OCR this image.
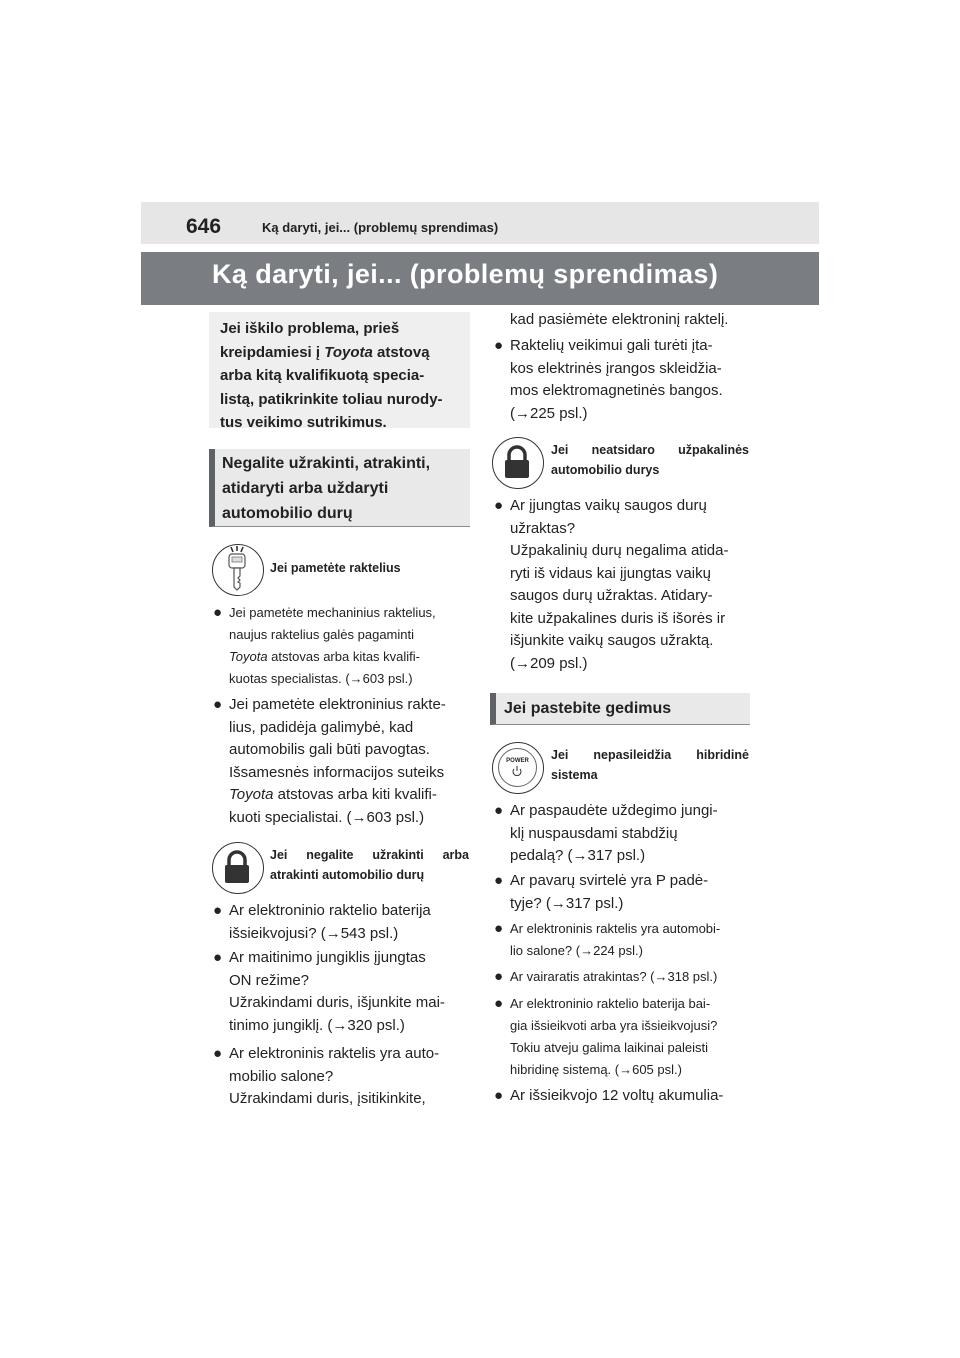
646	Ką daryti, jei... (problemų sprendimas)
Ką daryti, jei... (problemų sprendimas)
Jei iškilo problema, prieš
kreipdamiesi į Toyota atstovą
arba kitą kvalifikuotą specia-
listą, patikrinkite toliau nurody-
tus veikimo sutrikimus.
Negalite užrakinti, atrakinti,
atidaryti arba uždaryti
automobilio durų
Jei pametėte raktelius
● Jei pametėte mechaninius raktelius,
naujus raktelius galės pagaminti
Toyota atstovas arba kitas kvalifi-
kuotas specialistas. (→603 psl.)
● Jei pametėte elektroninius rakte-
lius, padidėja galimybė, kad
automobilis gali būti pavogtas.
Išsamesnės informacijos suteiks
Toyota atstovas arba kiti kvalifi-
kuoti specialistai. (→603 psl.)
Jei negalite užrakinti arba
atrakinti automobilio durų
● Ar elektroninio raktelio baterija
išsieikvojusi? (→543 psl.)
● Ar maitinimo jungiklis įjungtas
ON režime?
Užrakindami duris, išjunkite mai-
tinimo jungiklį. (→320 psl.)
● Ar elektroninis raktelis yra auto-
mobilio salone?
Užrakindami duris, įsitikinkite,
kad pasiėmėte elektroninį raktelį.
● Raktelių veikimui gali turėti įta-
kos elektrinės įrangos skleidžia-
mos elektromagnetinės bangos.
(→225 psl.)
Jei neatsidaro užpakalinės
automobilio durys
● Ar įjungtas vaikų saugos durų
užraktas?
Užpakalinių durų negalima atida-
ryti iš vidaus kai įjungtas vaikų
saugos durų užraktas. Atidary-
kite užpakalines duris iš išorės ir
išjunkite vaikų saugos užraktą.
(→209 psl.)
Jei pastebite gedimus
POWER	Jei nepasileidžia hibridinė
sistema
● Ar paspaudėte uždegimo jungi-
klį nuspausdami stabdžių
pedalą? (→317 psl.)
● Ar pavarų svirtelė yra P padė-
tyje? (→317 psl.)
● Ar elektroninis raktelis yra automobi-
lio salone? (→224 psl.)
● Ar vairaratis atrakintas? (→318 psl.)
● Ar elektroninio raktelio baterija bai-
gia išsieikvoti arba yra išsieikvojusi?
Tokiu atveju galima laikinai paleisti
hibridinę sistemą. (→605 psl.)
● Ar išsieikvojo 12 voltų akumulia-
